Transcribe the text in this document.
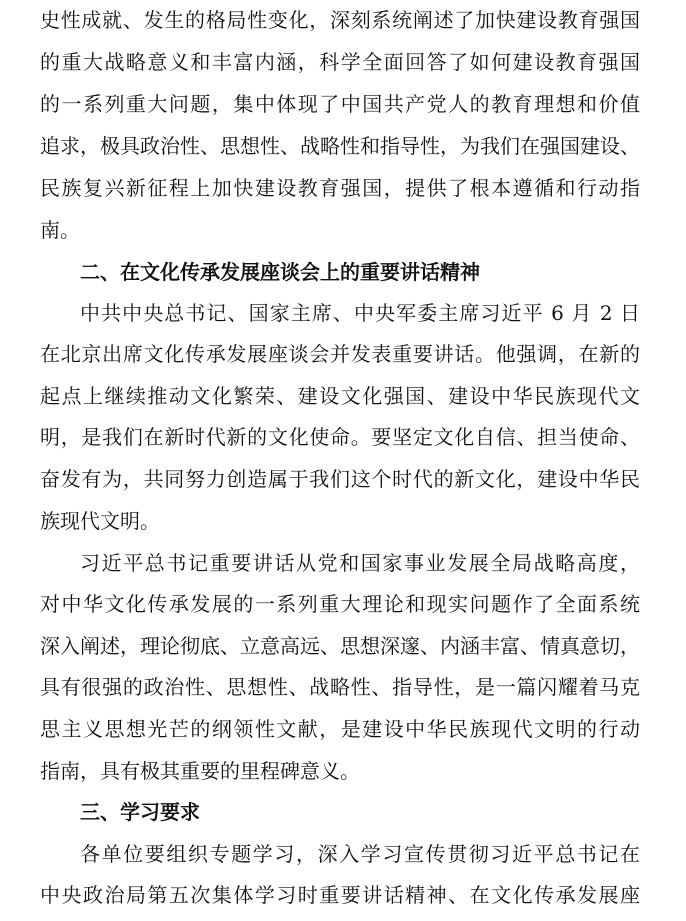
史性成就、发生的格局性变化，深刻系统阐述了加快建设教育强国
的重大战略意义和丰富内涵，科学全面回答了如何建设教育强国
的一系列重大问题，集中体现了中国共产党人的教育理想和价值
追求，极具政治性、思想性、战略性和指导性，为我们在强国建设、
民族复兴新征程上加快建设教育强国，提供了根本遵循和行动指
南。
二、在文化传承发展座谈会上的重要讲话精神
中共中央总书记、国家主席、中央军委主席习近平 6 月 2 日
在北京出席文化传承发展座谈会并发表重要讲话。他强调，在新的
起点上继续推动文化繁荣、建设文化强国、建设中华民族现代文
明，是我们在新时代新的文化使命。要坚定文化自信、担当使命、
奋发有为，共同努力创造属于我们这个时代的新文化，建设中华民
族现代文明。
习近平总书记重要讲话从党和国家事业发展全局战略高度，
对中华文化传承发展的一系列重大理论和现实问题作了全面系统
深入阐述，理论彻底、立意高远、思想深邃、内涵丰富、情真意切，
具有很强的政治性、思想性、战略性、指导性，是一篇闪耀着马克
思主义思想光芒的纲领性文献，是建设中华民族现代文明的行动
指南，具有极其重要的里程碑意义。
三、学习要求
各单位要组织专题学习，深入学习宣传贯彻习近平总书记在
中央政治局第五次集体学习时重要讲话精神、在文化传承发展座
